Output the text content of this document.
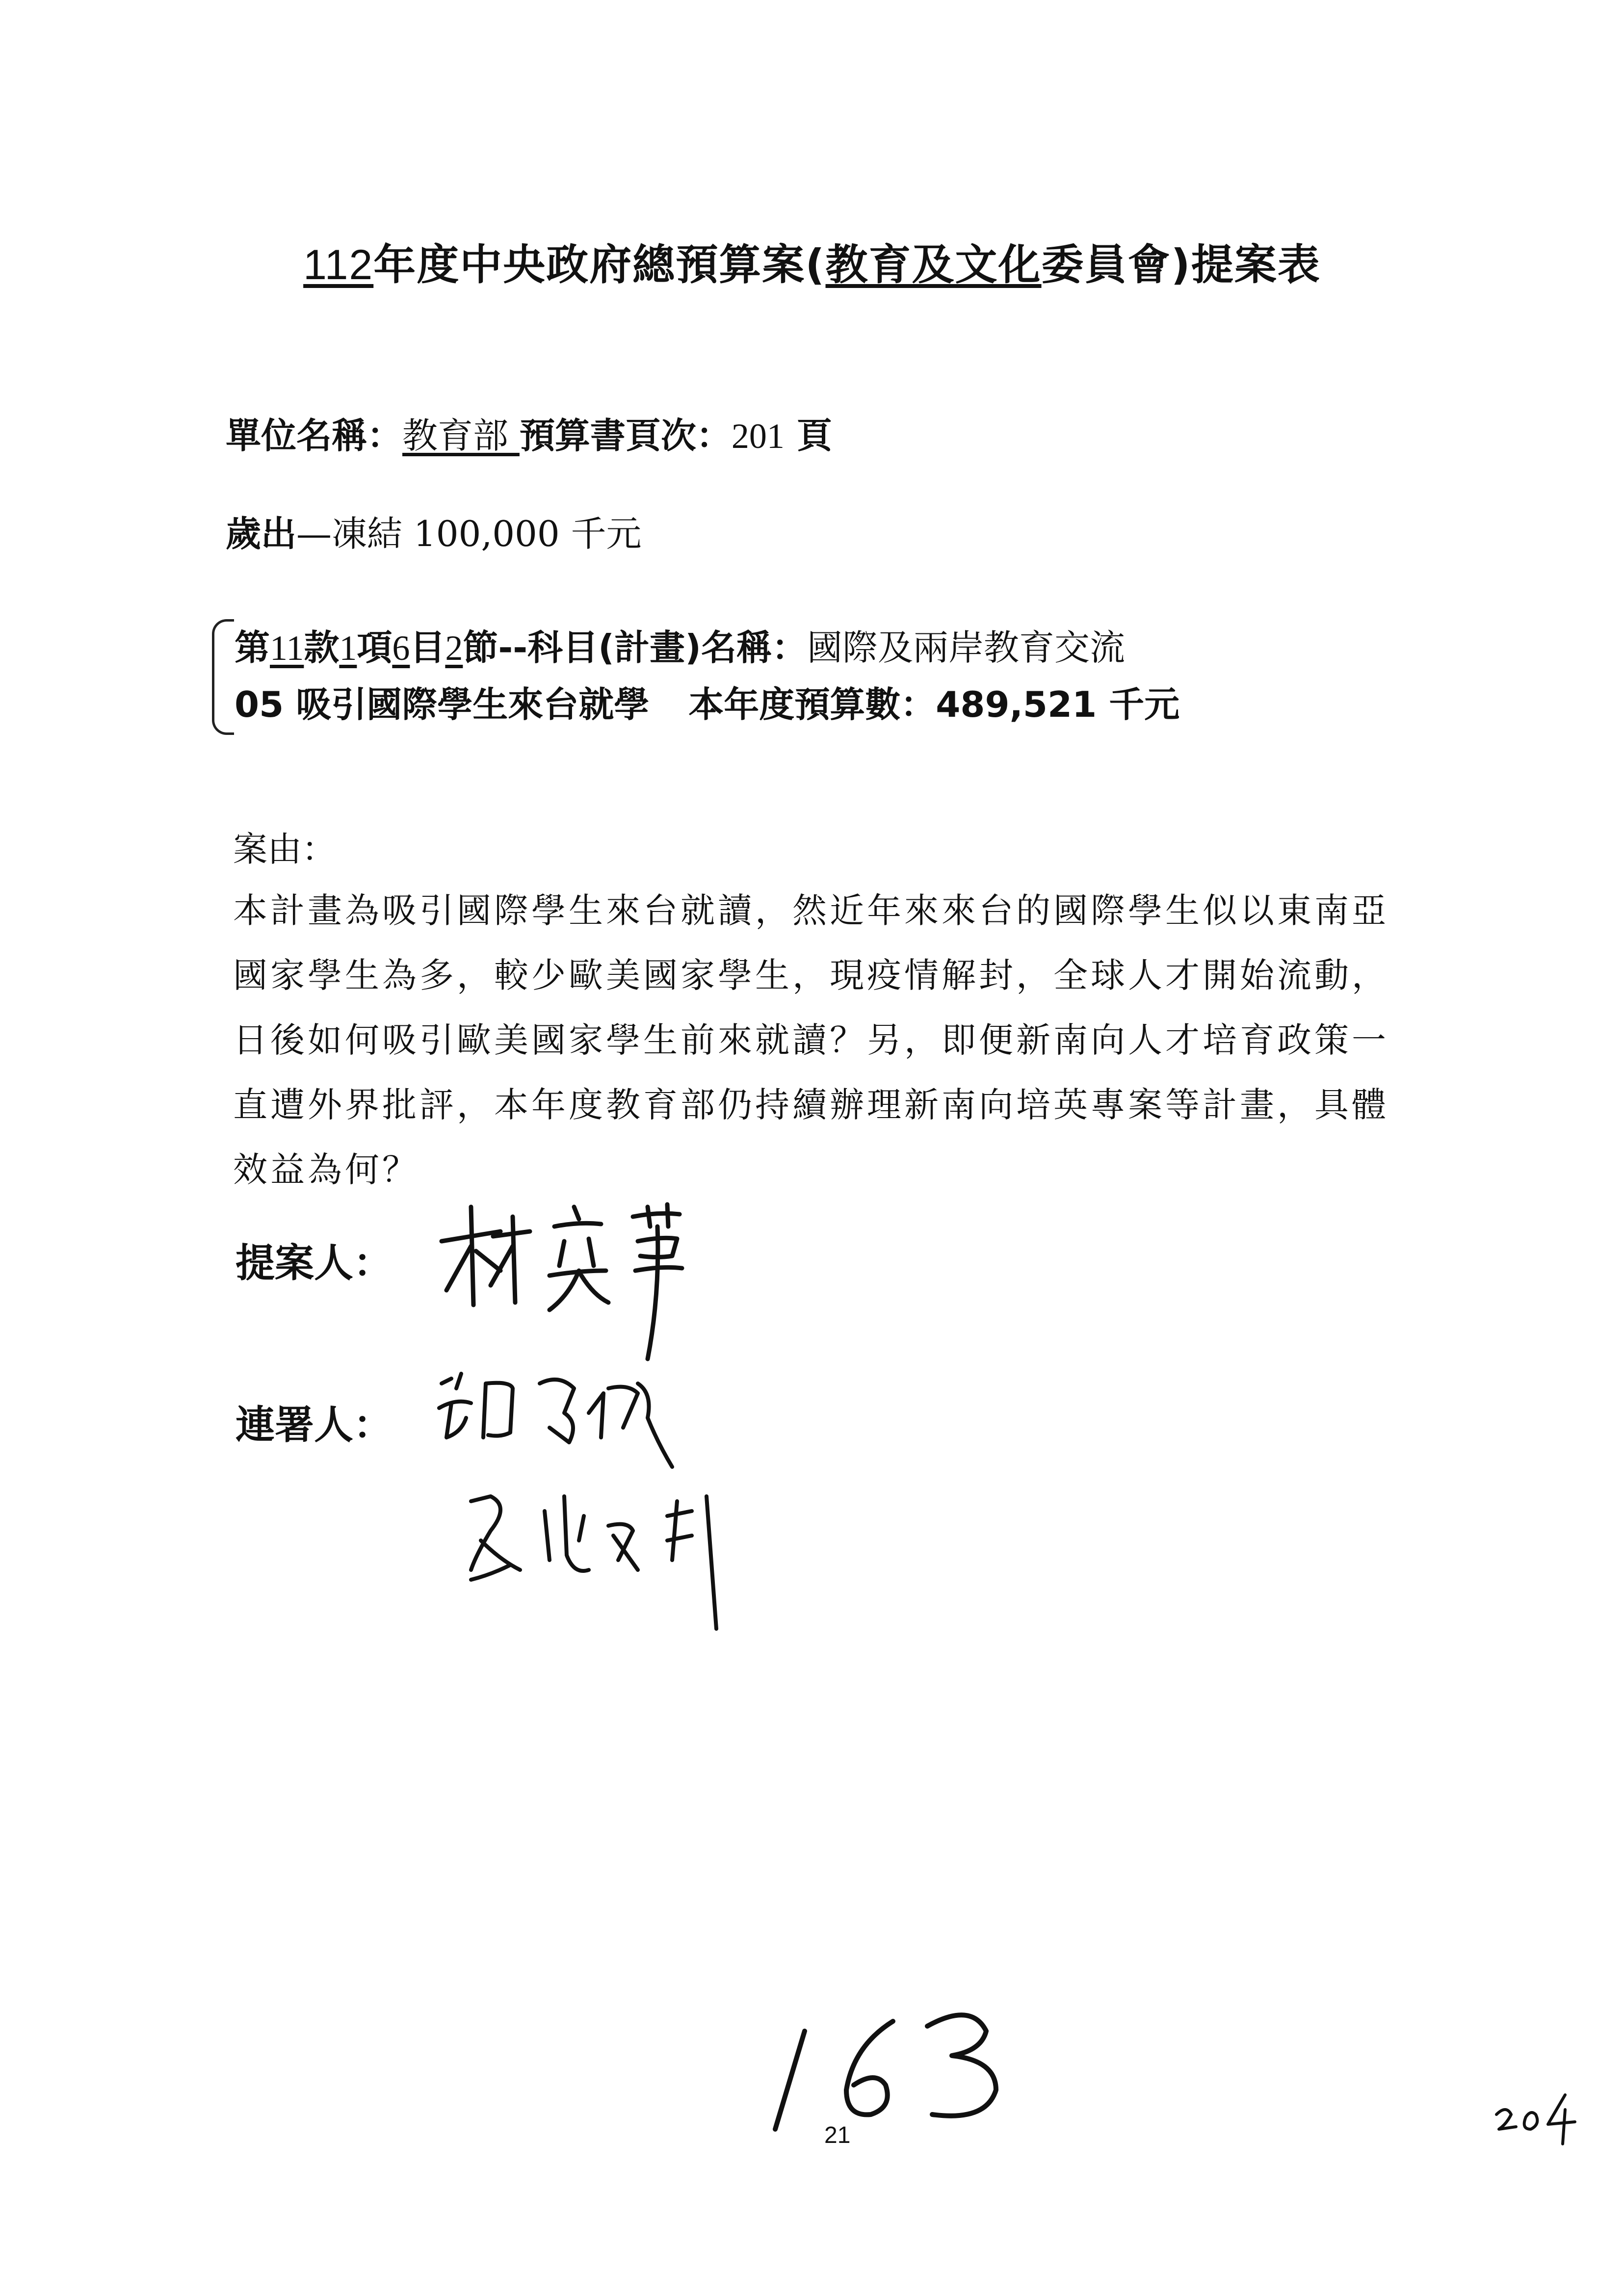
112年度中央政府總預算案(教育及文化委員會)提案表
單位名稱：教育部 預算書頁次：201 頁
歲出—凍結 100,000 千元
第11款1項6目2節--科目(計畫)名稱：國際及兩岸教育交流
05 吸引國際學生來台就學 本年度預算數：489,521 千元
案由：
本計畫為吸引國際學生來台就讀，然近年來來台的國際學生似以東南亞
國家學生為多，較少歐美國家學生，現疫情解封，全球人才開始流動，
日後如何吸引歐美國家學生前來就讀？另，即便新南向人才培育政策一
直遭外界批評，本年度教育部仍持續辦理新南向培英專案等計畫，具體
效益為何？
提案人：
連署人：
21
